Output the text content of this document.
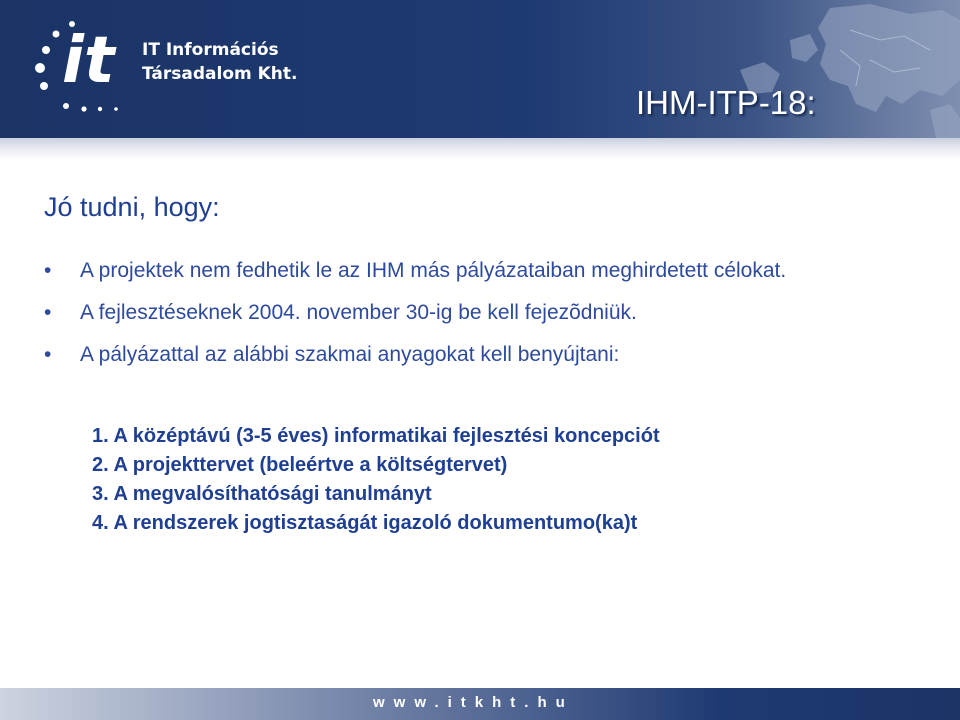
it IT Információs
Társadalom Kht.
IHM-ITP-18:
Jó tudni, hogy:
• A projektek nem fedhetik le az IHM más pályázataiban meghirdetett célokat.
• A fejlesztéseknek 2004. november 30-ig be kell fejezõdniük.
• A pályázattal az alábbi szakmai anyagokat kell benyújtani:
1. A középtávú (3-5 éves) informatikai fejlesztési koncepciót
2. A projekttervet (beleértve a költségtervet)
3. A megvalósíthatósági tanulmányt
4. A rendszerek jogtisztaságát igazoló dokumentumo(ka)t
www.itkht.hu
